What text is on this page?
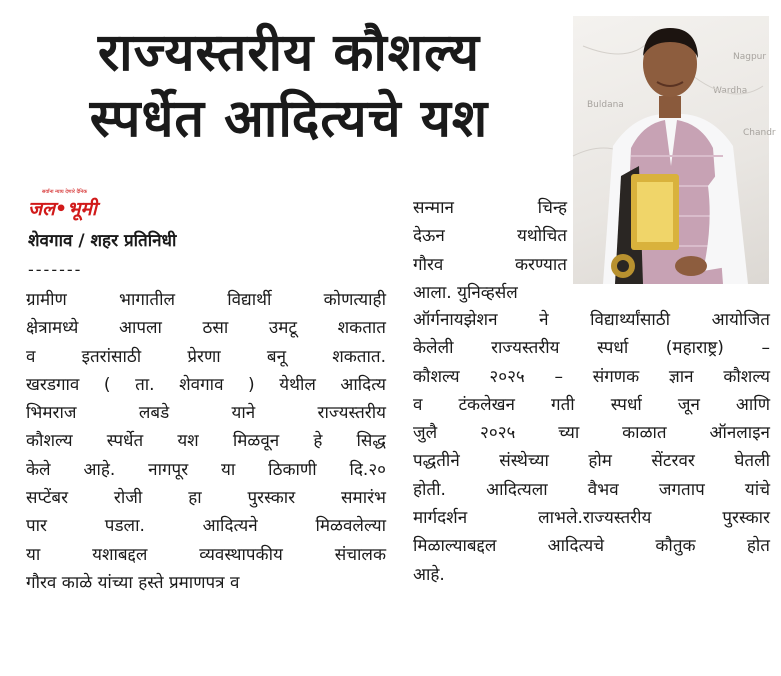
राज्यस्तरीय कौशल्य
स्पर्धेत आदित्यचे यश
सर्वांना न्याय देणारे दैनिक
जल•भूमी
शेवगाव / शहर प्रतिनिधी
-------
ग्रामीण भागातील विद्यार्थी कोणत्याही
क्षेत्रामध्ये आपला ठसा उमटू शकतात
व इतरांसाठी प्रेरणा बनू शकतात.
खरडगाव ( ता. शेवगाव ) येथील आदित्य
भिमराज लबडे याने राज्यस्तरीय
कौशल्य स्पर्धेत यश मिळवून हे सिद्ध
केले आहे. नागपूर या ठिकाणी दि.२०
सप्टेंबर रोजी हा पुरस्कार समारंभ
पार पडला. आदित्यने मिळवलेल्या
या यशाबद्दल व्यवस्थापकीय संचालक
गौरव काळे यांच्या हस्ते प्रमाणपत्र व
सन्मान चिन्ह
देऊन यथोचित
गौरव करण्यात
आला. युनिव्हर्सल
ऑर्गनायझेशन ने विद्यार्थ्यांसाठी आयोजित
केलेली राज्यस्तरीय स्पर्धा (महाराष्ट्र) –
कौशल्य २०२५ – संगणक ज्ञान कौशल्य
व टंकलेखन गती स्पर्धा जून आणि
जुलै २०२५ च्या काळात ऑनलाइन
पद्धतीने संस्थेच्या होम सेंटरवर घेतली
होती. आदित्यला वैभव जगताप यांचे
मार्गदर्शन लाभले.राज्यस्तरीय पुरस्कार
मिळाल्याबद्दल आदित्यचे कौतुक होत
आहे.
Nagpur
Wardha
Buldana
Chandr
